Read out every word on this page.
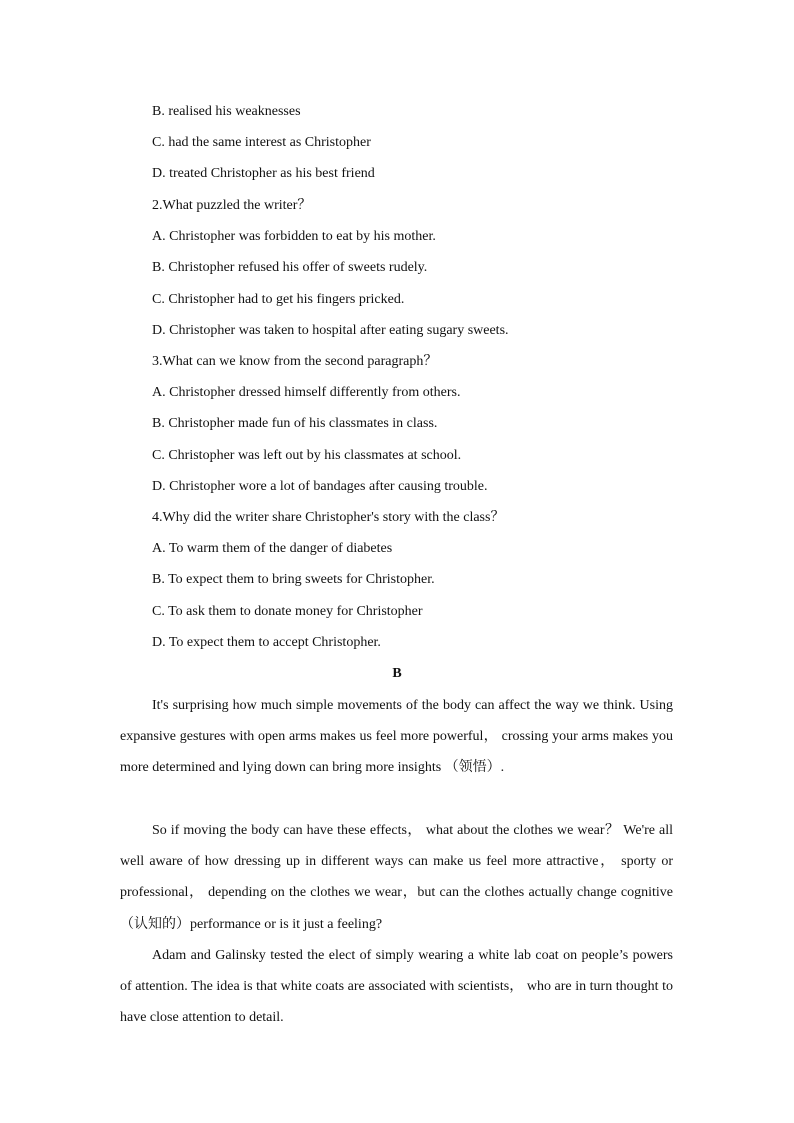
B. realised his weaknesses
C. had the same interest as Christopher
D. treated Christopher as his best friend
2.What puzzled the writer？
A. Christopher was forbidden to eat by his mother.
B. Christopher refused his offer of sweets rudely.
C. Christopher had to get his fingers pricked.
D. Christopher was taken to hospital after eating sugary sweets.
3.What can we know from the second paragraph？
A. Christopher dressed himself differently from others.
B. Christopher made fun of his classmates in class.
C. Christopher was left out by his classmates at school.
D. Christopher wore a lot of bandages after causing trouble.
4.Why did the writer share Christopher's story with the class？
A. To warm them of the danger of diabetes
B. To expect them to bring sweets for Christopher.
C. To ask them to donate money for Christopher
D. To expect them to accept Christopher.
B

It's surprising how much simple movements of the body can affect the way we think. Using expansive gestures with open arms makes us feel more powerful， crossing your arms makes you more determined and lying down can bring more insights （领悟）.

So if moving the body can have these effects， what about the clothes we wear？ We're all well aware of how dressing up in different ways can make us feel more attractive， sporty or professional， depending on the clothes we wear，but can the clothes actually change cognitive （认知的）performance or is it just a feeling?

Adam and Galinsky tested the elect of simply wearing a white lab coat on people’s powers of attention. The idea is that white coats are associated with scientists， who are in turn thought to have close attention to detail.
